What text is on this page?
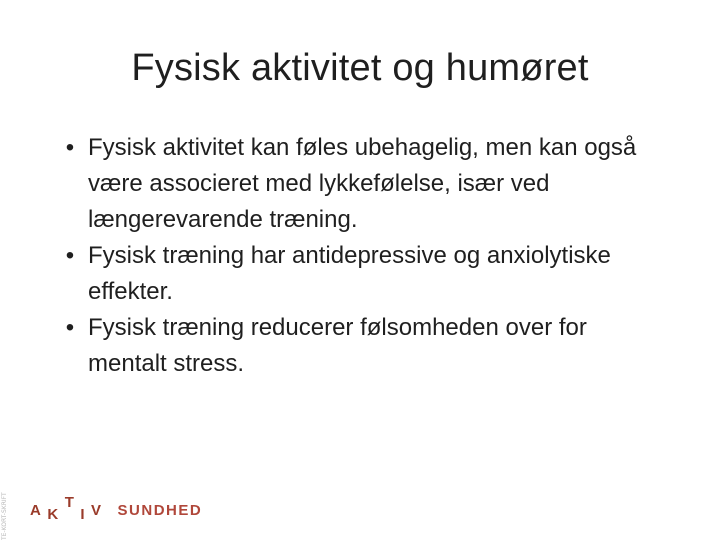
Fysisk aktivitet og humøret
• Fysisk aktivitet kan føles ubehagelig, men kan også være associeret med lykkefølelse, især ved længerevarende træning.
• Fysisk træning har antidepressive og anxiolytiske effekter.
• Fysisk træning reducerer følsomheden over for mentalt stress.
TE-KORT-SKRIFT A K
T
I V SUNDHED
